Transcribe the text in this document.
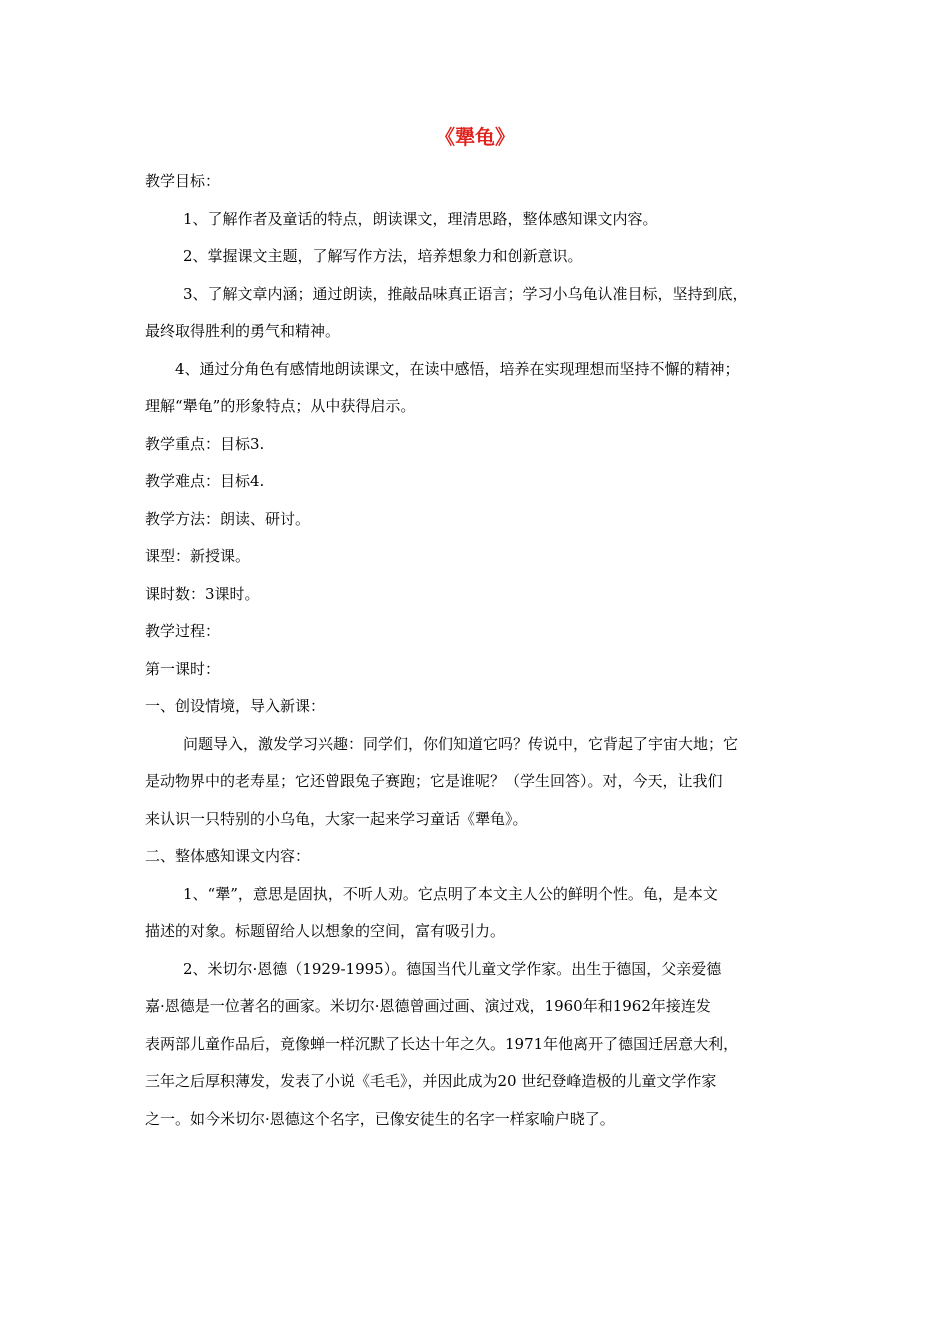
《犟龟》
教学目标：
1、了解作者及童话的特点，朗读课文，理清思路，整体感知课文内容。
2、掌握课文主题，了解写作方法，培养想象力和创新意识。
3、了解文章内涵；通过朗读，推敲品味真正语言；学习小乌龟认准目标，坚持到底，
最终取得胜利的勇气和精神。
4、通过分角色有感情地朗读课文，在读中感悟，培养在实现理想而坚持不懈的精神；
理解“犟龟”的形象特点；从中获得启示。
教学重点：目标3.
教学难点：目标4.
教学方法：朗读、研讨。
课型：新授课。
课时数：3课时。
教学过程：
第一课时：
一、创设情境，导入新课：
问题导入，激发学习兴趣：同学们，你们知道它吗？传说中，它背起了宇宙大地；它
是动物界中的老寿星；它还曾跟兔子赛跑；它是谁呢？（学生回答）。对，今天，让我们
来认识一只特别的小乌龟，大家一起来学习童话《犟龟》。
二、整体感知课文内容：
1、“犟”，意思是固执，不听人劝。它点明了本文主人公的鲜明个性。龟，是本文
描述的对象。标题留给人以想象的空间，富有吸引力。
2、米切尔·恩德（1929-1995）。德国当代儿童文学作家。出生于德国，父亲爱德
嘉·恩德是一位著名的画家。米切尔·恩德曾画过画、演过戏，1960年和1962年接连发
表两部儿童作品后，竟像蝉一样沉默了长达十年之久。1971年他离开了德国迁居意大利，
三年之后厚积薄发，发表了小说《毛毛》，并因此成为20 世纪登峰造极的儿童文学作家
之一。如今米切尔·恩德这个名字，已像安徒生的名字一样家喻户晓了。
